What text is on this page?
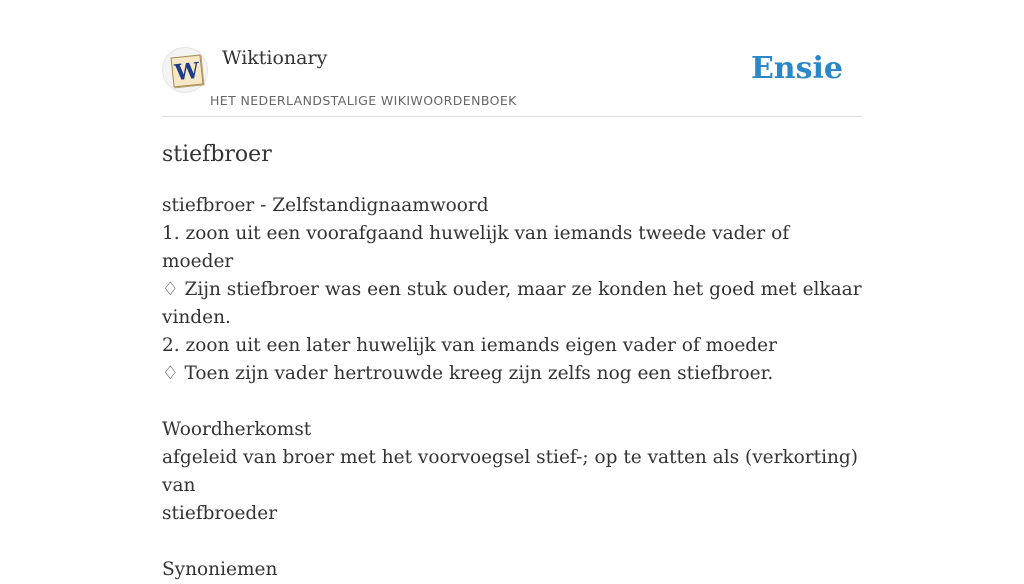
W Wiktionary
HET NEDERLANDSTALIGE WIKIWOORDENBOEK
Ensie
stiefbroer
stiefbroer - Zelfstandignaamwoord
1. zoon uit een voorafgaand huwelijk van iemands tweede vader of moeder
♢ Zijn stiefbroer was een stuk ouder, maar ze konden het goed met elkaar
vinden.
2. zoon uit een later huwelijk van iemands eigen vader of moeder
♢ Toen zijn vader hertrouwde kreeg zijn zelfs nog een stiefbroer.
Woordherkomst
afgeleid van broer met het voorvoegsel stief-; op te vatten als (verkorting) van
stiefbroeder
Synoniemen
